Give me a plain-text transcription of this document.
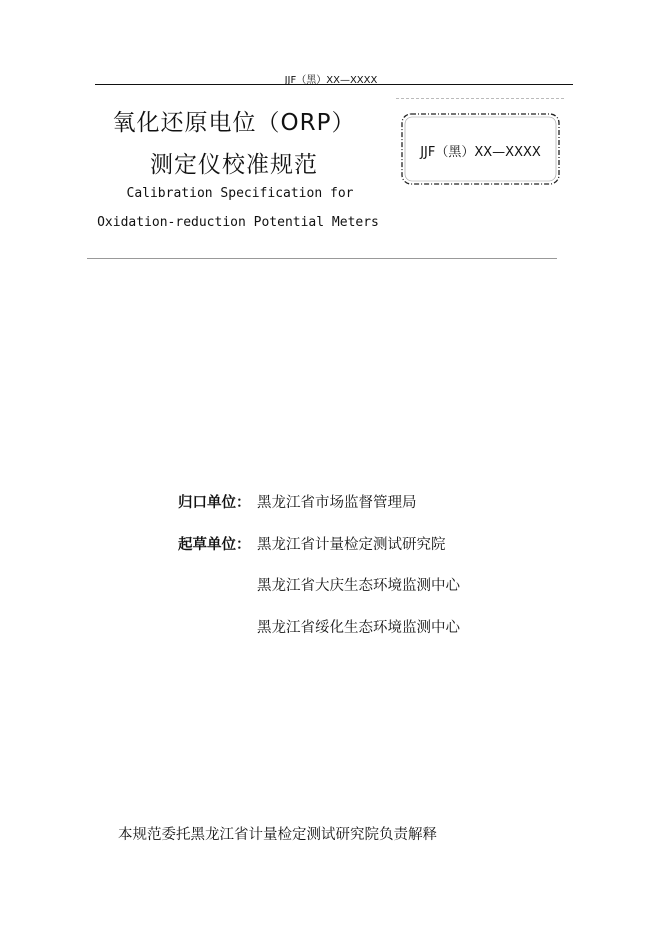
JJF（黑）XX—XXXX
氧化还原电位（ORP）
测定仪校准规范
Calibration Specification for
Oxidation-reduction Potential Meters
JJF（黑）XX—XXXX
归口单位： 黑龙江省市场监督管理局
起草单位： 黑龙江省计量检定测试研究院
黑龙江省大庆生态环境监测中心
黑龙江省绥化生态环境监测中心
本规范委托黑龙江省计量检定测试研究院负责解释
